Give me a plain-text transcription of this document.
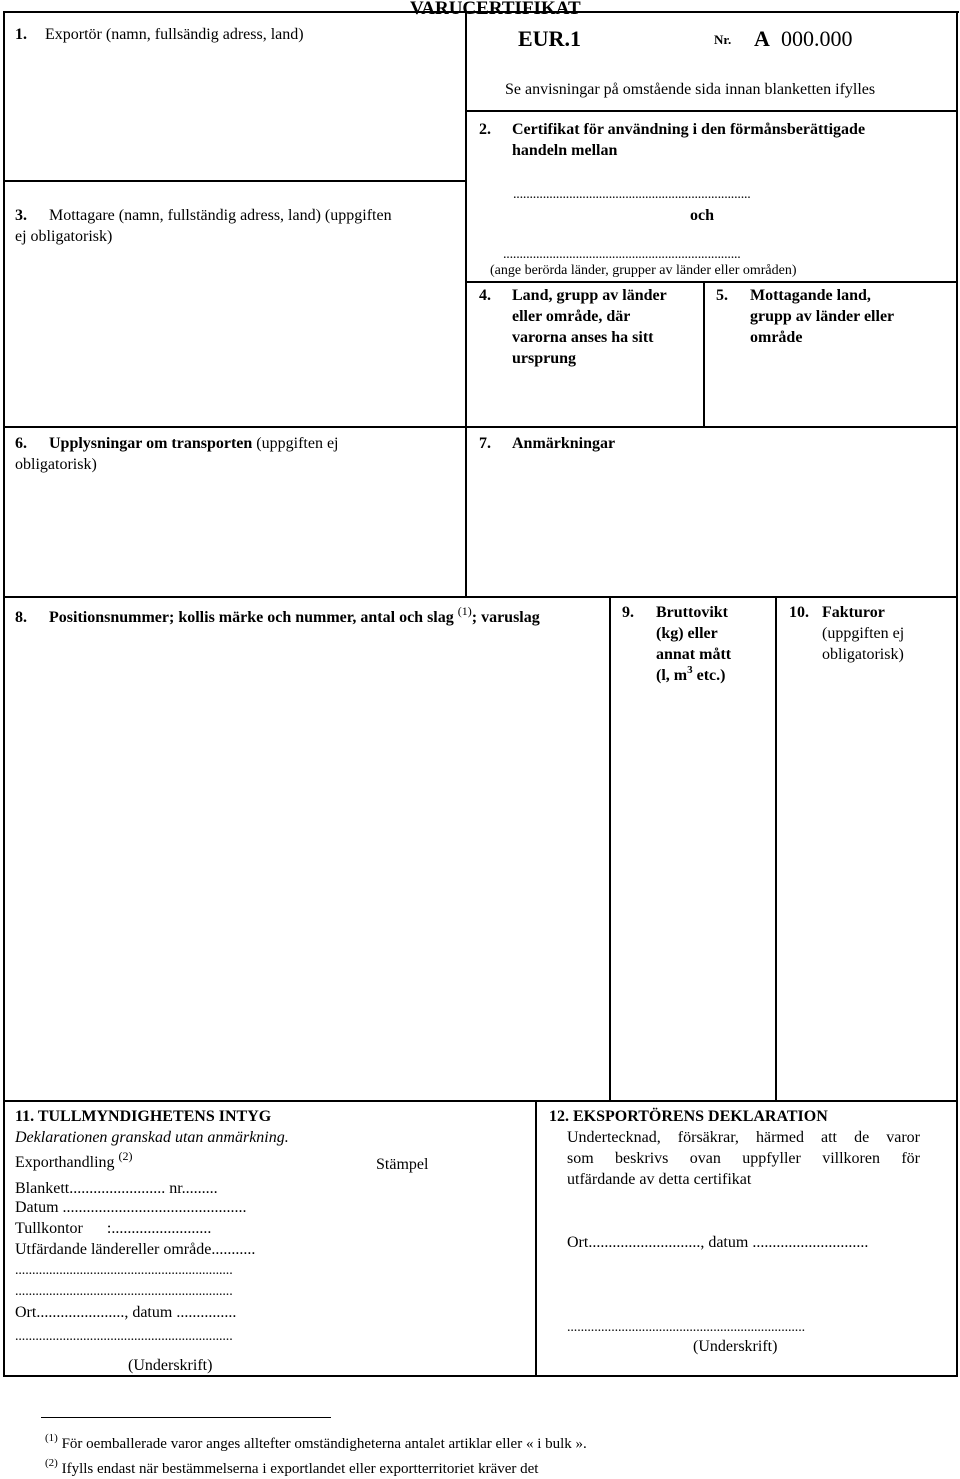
VARUCERTIFIKAT
1. Exportör (namn, fullsändig adress, land)	EUR.1	Nr. A 000.000
Se anvisningar på omstående sida innan blanketten ifylles
2. Certifikat för användning i den förmånsberättigade
handeln mellan
........................................................................
och
........................................................................
(ange berörda länder, grupper av länder eller områden)
3. Mottagare (namn, fullständig adress, land) (uppgiften
ej obligatorisk)
4. Land, grupp av länder
eller område, där
varorna anses ha sitt
ursprung
5. Mottagande land,
grupp av länder eller
område
6. Upplysningar om transporten (uppgiften ej
obligatorisk)
7. Anmärkningar
8. Positionsnummer; kollis märke och nummer, antal och slag $^{(1)}$; varuslag	9. Bruttovikt
(kg) eller
annat mått
(l, $m^3$ etc.)
10. Fakturor
(uppgiften ej
obligatorisk)
11. TULLMYNDIGHETENS INTYG
Deklarationen granskad utan anmärkning.
Exporthandling $^{(2)}$	Stämpel
Blankett........................ nr.........
Datum ..............................................
Tullkontor      :.........................
Utfärdande ländereller område...........
................................................................
................................................................
Ort......................, datum ...............
................................................................
(Underskrift)
12. EKSPORTÖRENS DEKLARATION
Undertecknad, försäkrar, härmed att de varor
som beskrivs ovan uppfyller villkoren för
utfärdande av detta certifikat
Ort............................, datum .............................
......................................................................
(Underskrift)
$^{(1)}$ För oemballerade varor anges alltefter omständigheterna antalet artiklar eller « i bulk ».
$^{(2)}$ Ifylls endast när bestämmelserna i exportlandet eller exportterritoriet kräver det
